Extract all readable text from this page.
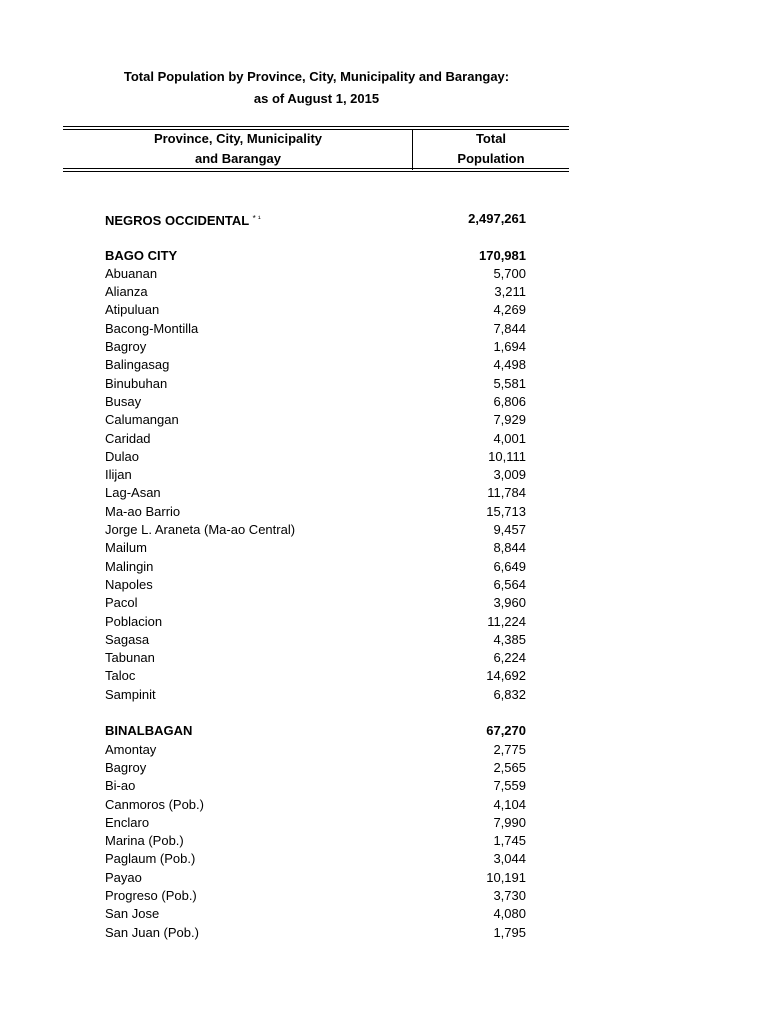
Total Population by Province, City, Municipality and Barangay:
as of August 1, 2015
Province, City, Municipality
and Barangay
Total
Population
NEGROS OCCIDENTAL $^{* ^1}$	2,497,261
BAGO CITY	170,981
Abuanan	5,700
Alianza	3,211
Atipuluan	4,269
Bacong-Montilla	7,844
Bagroy	1,694
Balingasag	4,498
Binubuhan	5,581
Busay	6,806
Calumangan	7,929
Caridad	4,001
Dulao	10,111
Ilijan	3,009
Lag-Asan	11,784
Ma-ao Barrio	15,713
Jorge L. Araneta (Ma-ao Central)	9,457
Mailum	8,844
Malingin	6,649
Napoles	6,564
Pacol	3,960
Poblacion	11,224
Sagasa	4,385
Tabunan	6,224
Taloc	14,692
Sampinit	6,832
BINALBAGAN	67,270
Amontay	2,775
Bagroy	2,565
Bi-ao	7,559
Canmoros (Pob.)	4,104
Enclaro	7,990
Marina (Pob.)	1,745
Paglaum (Pob.)	3,044
Payao	10,191
Progreso (Pob.)	3,730
San Jose	4,080
San Juan (Pob.)	1,795
